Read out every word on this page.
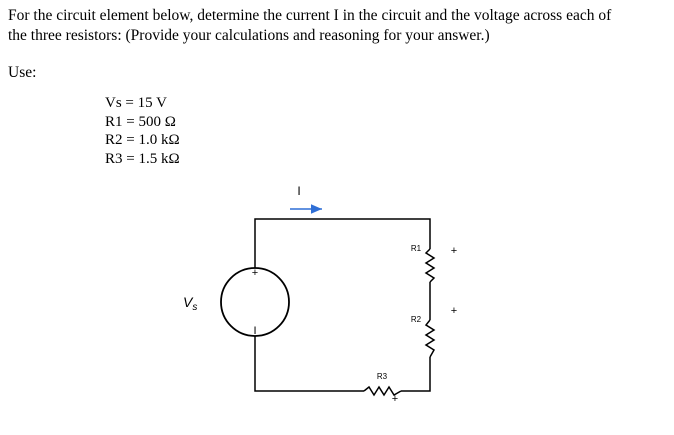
For the circuit element below, determine the current I in the circuit and the voltage across each of
the three resistors: (Provide your calculations and reasoning for your answer.)
Use:
Vs = 15 V
R1 = 500 Ω
R2 = 1.0 kΩ
R3 = 1.5 kΩ
I
+
I
$V_s$
R1	+
R2
+
R3
+
